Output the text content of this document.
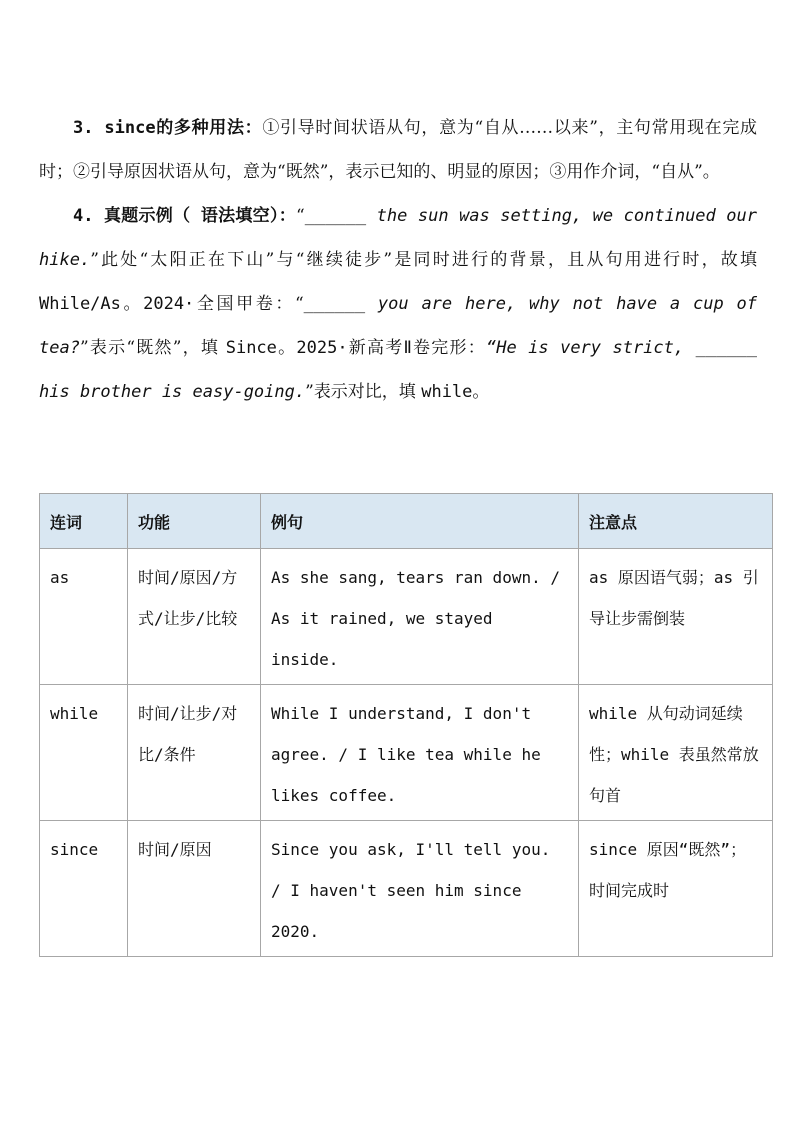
3. since的多种用法：①引导时间状语从句，意为“自从……以来”，主句常用现在完成时；②引导原因状语从句，意为“既然”，表示已知的、明显的原因；③用作介词，“自从”。

4. 真题示例（ 语法填空）：“______ the sun was setting, we continued our hike.”此处“太阳正在下山”与“继续徒步”是同时进行的背景，且从句用进行时，故填 While/As。2024·全国甲卷：“______ you are here, why not have a cup of tea?”表示“既然”，填 Since。2025·新高考Ⅱ卷完形：“He is very strict, ______ his brother is easy-going.”表示对比，填 while。

连词	功能	例句	注意点
as	时间/原因/方式/让步/比较	As she sang, tears ran down. / As it rained, we stayed inside.	as 原因语气弱；as 引导让步需倒装
while	时间/让步/对比/条件	While I understand, I don't agree. / I like tea while he likes coffee.	while 从句动词延续性；while 表虽然常放句首
since	时间/原因	Since you ask, I'll tell you. / I haven't seen him since 2020.	since 原因“既然”；时间完成时
